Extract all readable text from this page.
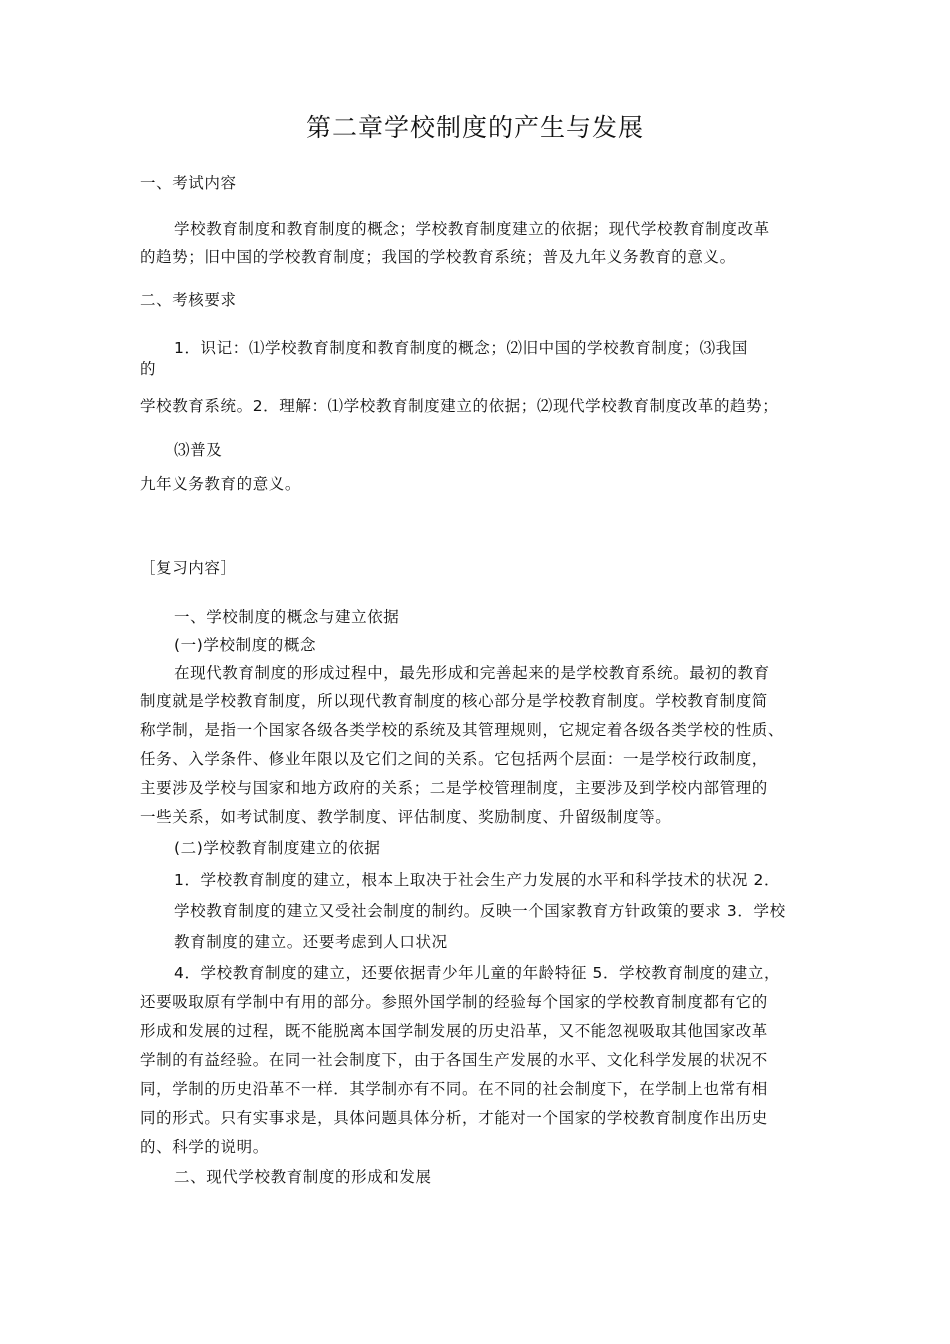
第二章学校制度的产生与发展
一、考试内容
学校教育制度和教育制度的概念；学校教育制度建立的依据；现代学校教育制度改革
的趋势；旧中国的学校教育制度；我国的学校教育系统；普及九年义务教育的意义。
二、考核要求
1．识记：⑴学校教育制度和教育制度的概念；⑵旧中国的学校教育制度；⑶我国
的
学校教育系统。2．理解：⑴学校教育制度建立的依据；⑵现代学校教育制度改革的趋势；
⑶普及
九年义务教育的意义。
［复习内容］
一、学校制度的概念与建立依据
(一)学校制度的概念
在现代教育制度的形成过程中，最先形成和完善起来的是学校教育系统。最初的教育
制度就是学校教育制度，所以现代教育制度的核心部分是学校教育制度。学校教育制度简
称学制，是指一个国家各级各类学校的系统及其管理规则，它规定着各级各类学校的性质、
任务、入学条件、修业年限以及它们之间的关系。它包括两个层面：一是学校行政制度，
主要涉及学校与国家和地方政府的关系；二是学校管理制度，主要涉及到学校内部管理的
一些关系，如考试制度、教学制度、评估制度、奖励制度、升留级制度等。
(二)学校教育制度建立的依据
1．学校教育制度的建立，根本上取决于社会生产力发展的水平和科学技术的状况 2．
学校教育制度的建立又受社会制度的制约。反映一个国家教育方针政策的要求 3．学校
教育制度的建立。还要考虑到人口状况
4．学校教育制度的建立，还要依据青少年儿童的年龄特征 5．学校教育制度的建立，
还要吸取原有学制中有用的部分。参照外国学制的经验每个国家的学校教育制度都有它的
形成和发展的过程，既不能脱离本国学制发展的历史沿革，又不能忽视吸取其他国家改革
学制的有益经验。在同一社会制度下，由于各国生产发展的水平、文化科学发展的状况不
同，学制的历史沿革不一样．其学制亦有不同。在不同的社会制度下，在学制上也常有相
同的形式。只有实事求是，具体问题具体分析，才能对一个国家的学校教育制度作出历史
的、科学的说明。
二、现代学校教育制度的形成和发展
